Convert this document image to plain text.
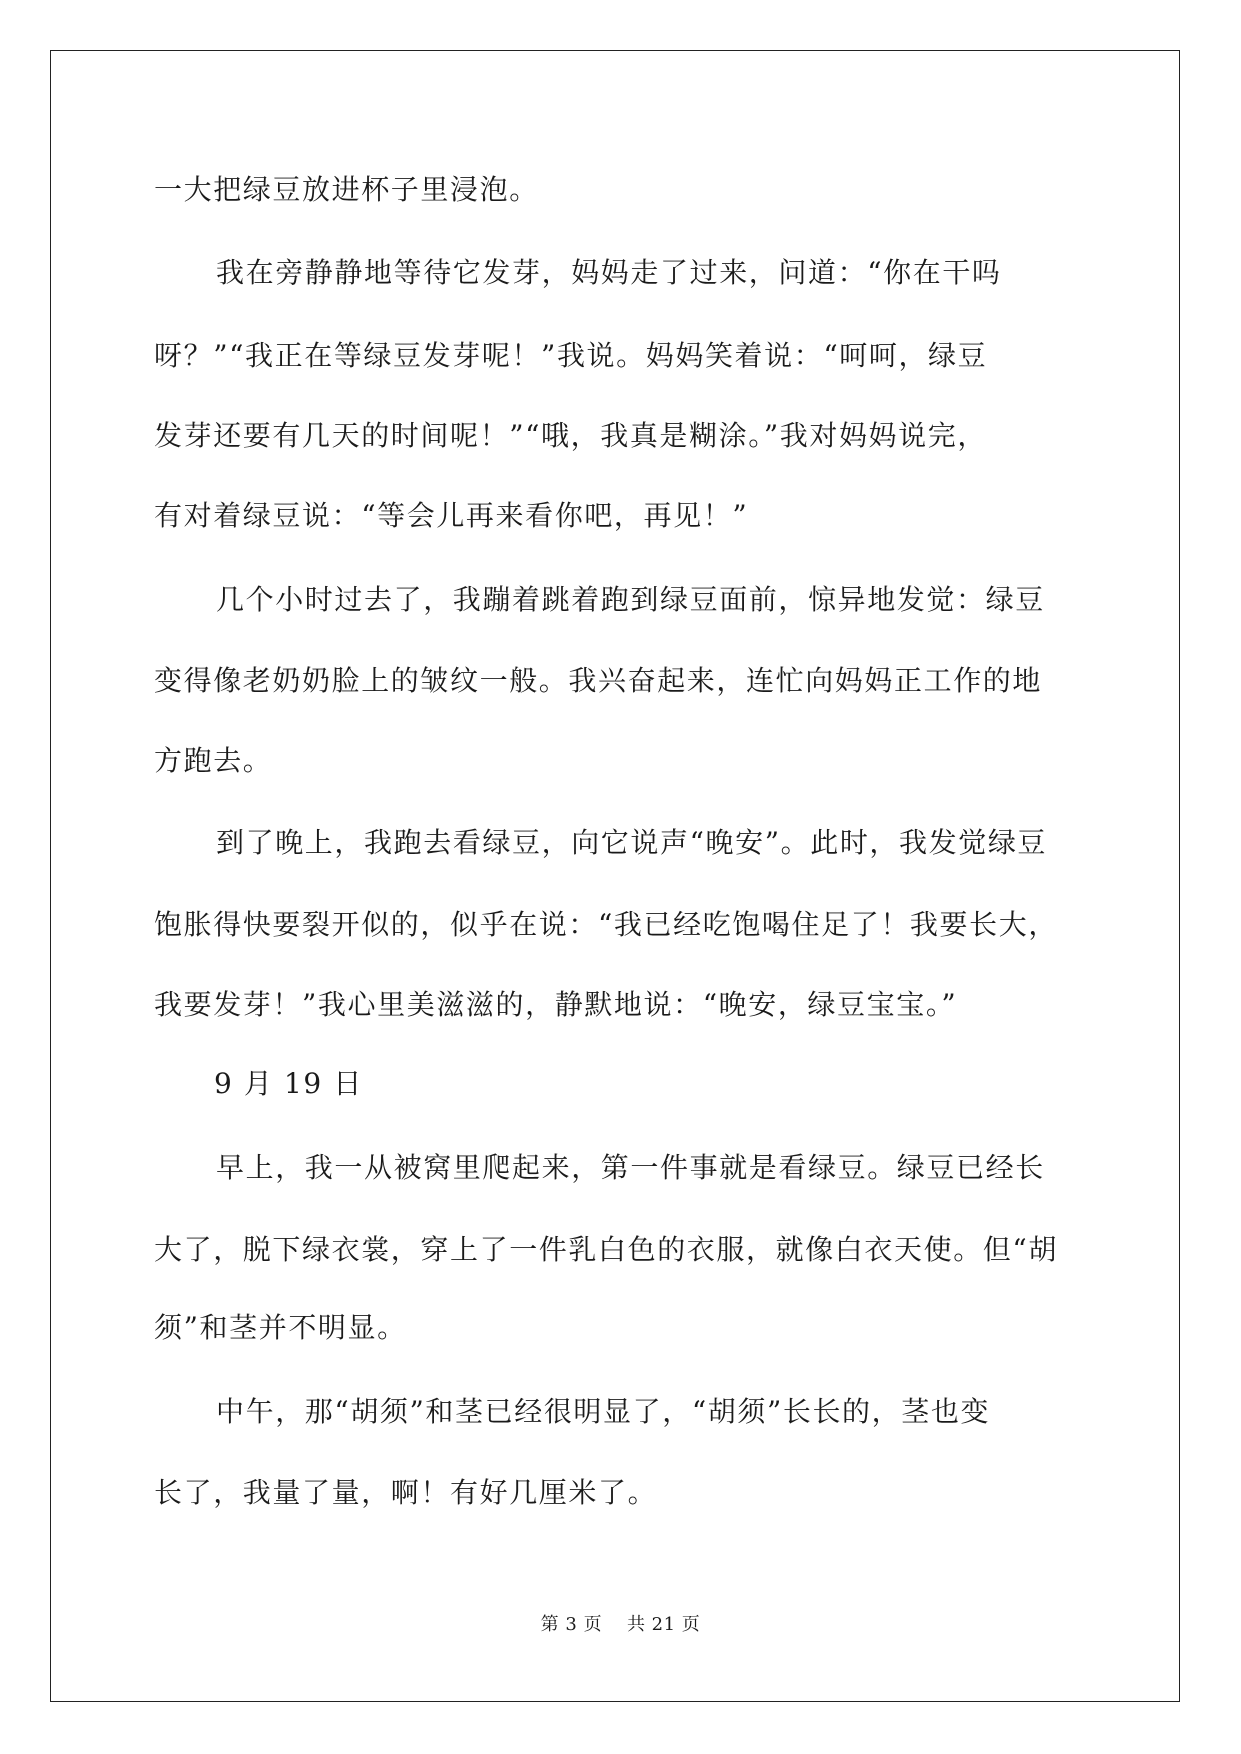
一大把绿豆放进杯子里浸泡。
我在旁静静地等待它发芽，妈妈走了过来，问道：“你在干吗
呀？”“我正在等绿豆发芽呢！”我说。妈妈笑着说：“呵呵，绿豆
发芽还要有几天的时间呢！”“哦，我真是糊涂。”我对妈妈说完，
有对着绿豆说：“等会儿再来看你吧，再见！”
几个小时过去了，我蹦着跳着跑到绿豆面前，惊异地发觉：绿豆
变得像老奶奶脸上的皱纹一般。我兴奋起来，连忙向妈妈正工作的地
方跑去。
到了晚上，我跑去看绿豆，向它说声“晚安”。此时，我发觉绿豆
饱胀得快要裂开似的，似乎在说：“我已经吃饱喝住足了！我要长大，
我要发芽！”我心里美滋滋的，静默地说：“晚安，绿豆宝宝。”
9 月 19 日
早上，我一从被窝里爬起来，第一件事就是看绿豆。绿豆已经长
大了，脱下绿衣裳，穿上了一件乳白色的衣服，就像白衣天使。但“胡
须”和茎并不明显。
中午，那“胡须”和茎已经很明显了，“胡须”长长的，茎也变
长了，我量了量，啊！有好几厘米了。
第 3 页    共 21 页
